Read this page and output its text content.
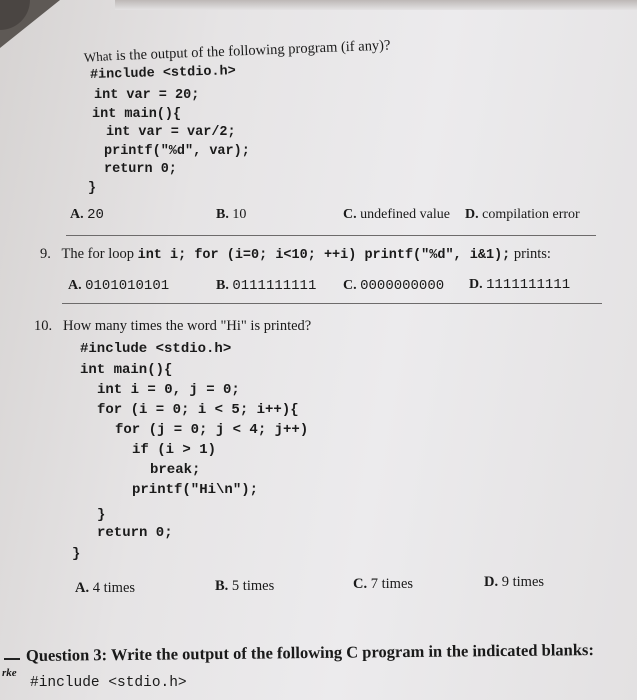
What is the output of the following program (if any)?
#include <stdio.h>
int var = 20;
int main(){
int var = var/2;
printf("%d", var);
return 0;
}
A. 20	B. 10	C. undefined value D. compilation error
9. The for loop int i; for (i=0; i<10; ++i) printf("%d", i&1); prints:
A. 0101010101	B. 0111111111 C. 0000000000 D. 1111111111
10. How many times the word "Hi" is printed?
#include <stdio.h>
int main(){
int i = 0, j = 0;
for (i = 0; i < 5; i++){
for (j = 0; j < 4; j++)
if (i > 1)
break;
printf("Hi\n");
}
return 0;
}
A. 4 times	B. 5 times	C. 7 times	D. 9 times
Question 3: Write the output of the following C program in the indicated blanks:
rke
#include <stdio.h>
